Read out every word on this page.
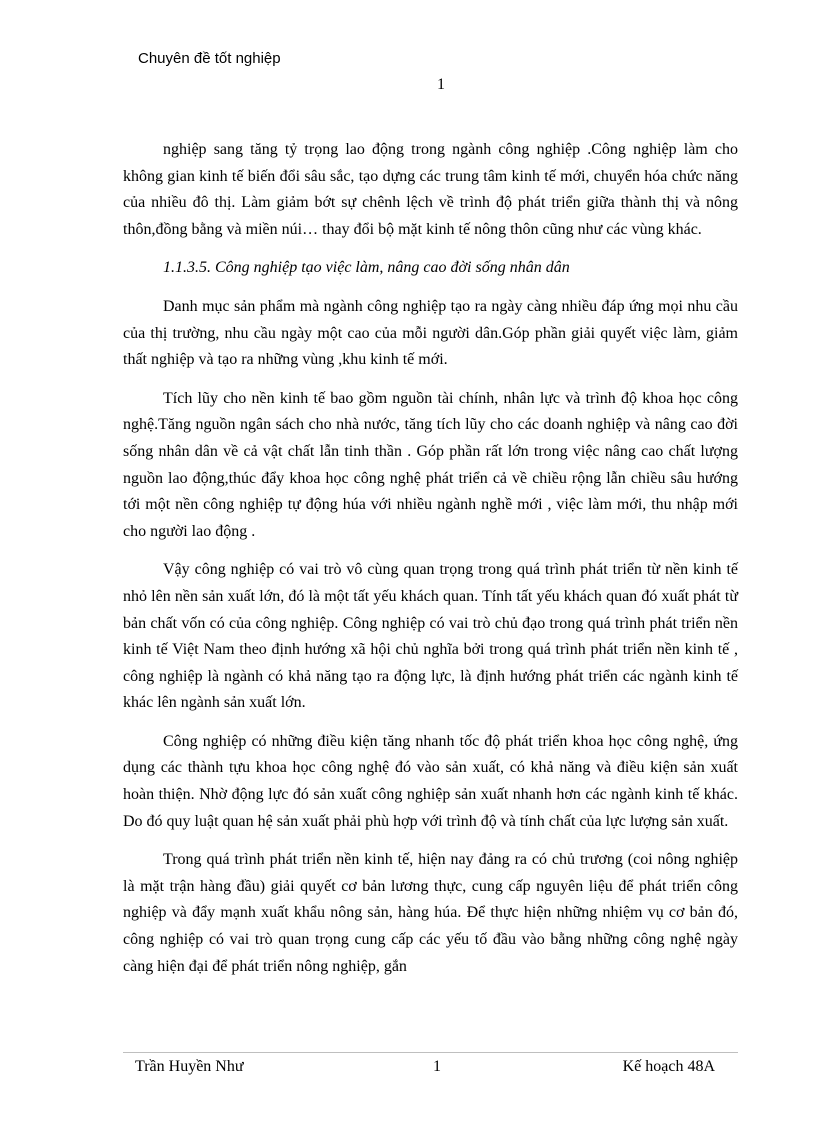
Chuyên đề tốt nghiệp

1

nghiệp sang tăng tỷ trọng lao động trong ngành công nghiệp .Công nghiệp làm cho không gian kinh tế biến đổi sâu sắc, tạo dựng các trung tâm kinh tế mới, chuyển hóa chức năng của nhiều đô thị. Làm giảm bớt sự chênh lệch về trình độ phát triển giữa thành thị và nông thôn,đồng bằng và miền núi… thay đổi bộ mặt kinh tế nông thôn cũng như các vùng khác.

1.1.3.5. Công nghiệp tạo việc làm, nâng cao đời sống nhân dân

Danh mục sản phẩm mà ngành công nghiệp tạo ra ngày càng nhiều đáp ứng mọi nhu cầu của thị trường, nhu cầu ngày một cao của mỗi người dân.Góp phần giải quyết việc làm, giảm thất nghiệp và tạo ra những vùng ,khu kinh tế mới.

Tích lũy cho nền kinh tế bao gồm nguồn tài chính, nhân lực và trình độ khoa học công nghệ.Tăng nguồn ngân sách cho nhà nước, tăng tích lũy cho các doanh nghiệp và nâng cao đời sống nhân dân về cả vật chất lẫn tinh thần . Góp phần rất lớn trong việc nâng cao chất lượng nguồn lao động,thúc đẩy khoa học công nghệ phát triển cả về chiều rộng lẫn chiều sâu hướng tới một nền công nghiệp tự động húa với nhiều ngành nghề mới , việc làm mới, thu nhập mới cho người lao động .

Vậy công nghiệp có vai trò vô cùng quan trọng trong quá trình phát triển từ nền kinh tế nhỏ lên nền sản xuất lớn, đó là một tất yếu khách quan. Tính tất yếu khách quan đó xuất phát từ bản chất vốn có của công nghiệp. Công nghiệp có vai trò chủ đạo trong quá trình phát triển nền kinh tế Việt Nam theo định hướng xã hội chủ nghĩa bởi trong quá trình phát triển nền kinh tế , công nghiệp là ngành có khả năng tạo ra động lực, là định hướng phát triển các ngành kinh tế khác lên ngành sản xuất lớn.

Công nghiệp có những điều kiện tăng nhanh tốc độ phát triển khoa học công nghệ, ứng dụng các thành tựu khoa học công nghệ đó vào sản xuất, có khả năng và điều kiện sản xuất hoàn thiện. Nhờ động lực đó sản xuất công nghiệp sản xuất nhanh hơn các ngành kinh tế khác. Do đó quy luật quan hệ sản xuất phải phù hợp với trình độ và tính chất của lực lượng sản xuất.

Trong quá trình phát triển nền kinh tế, hiện nay đảng ra có chủ trương (coi nông nghiệp là mặt trận hàng đầu) giải quyết cơ bản lương thực, cung cấp nguyên liệu để phát triển công nghiệp và đẩy mạnh xuất khẩu nông sản, hàng húa. Để thực hiện những nhiệm vụ cơ bản đó, công nghiệp có vai trò quan trọng cung cấp các yếu tố đầu vào bằng những công nghệ ngày càng hiện đại để phát triển nông nghiệp, gắn

Trần Huyền Như	1	Kế hoạch 48A
